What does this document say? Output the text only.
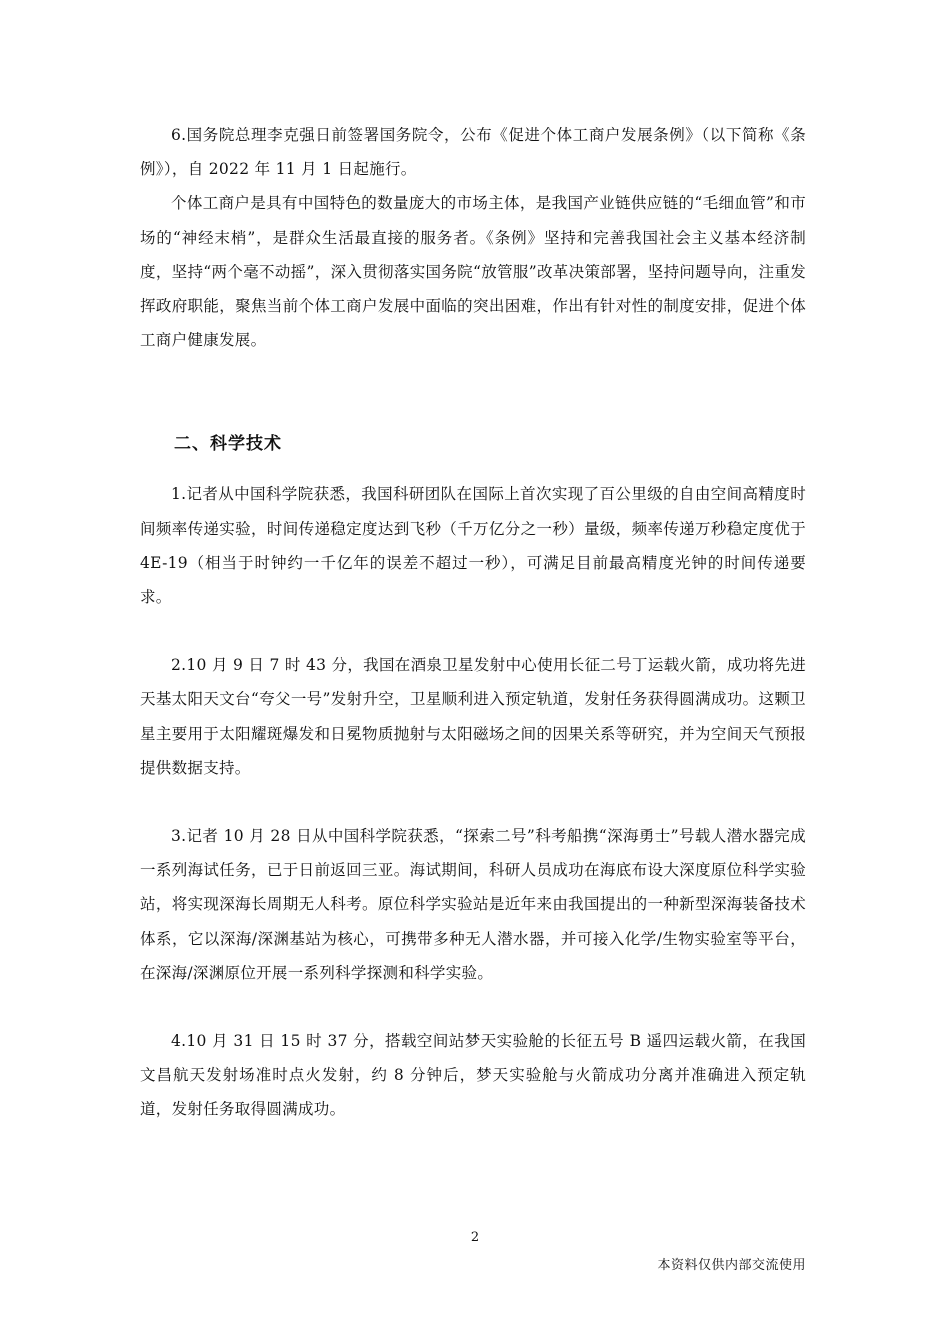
6.国务院总理李克强日前签署国务院令，公布《促进个体工商户发展条例》（以下简称《条例》），自 2022 年 11 月 1 日起施行。

个体工商户是具有中国特色的数量庞大的市场主体，是我国产业链供应链的“毛细血管”和市场的“神经末梢”，是群众生活最直接的服务者。《条例》坚持和完善我国社会主义基本经济制度，坚持“两个毫不动摇”，深入贯彻落实国务院“放管服”改革决策部署，坚持问题导向，注重发挥政府职能，聚焦当前个体工商户发展中面临的突出困难，作出有针对性的制度安排，促进个体工商户健康发展。

二、科学技术

1.记者从中国科学院获悉，我国科研团队在国际上首次实现了百公里级的自由空间高精度时间频率传递实验，时间传递稳定度达到飞秒（千万亿分之一秒）量级，频率传递万秒稳定度优于 4E-19（相当于时钟约一千亿年的误差不超过一秒），可满足目前最高精度光钟的时间传递要求。

2.10 月 9 日 7 时 43 分，我国在酒泉卫星发射中心使用长征二号丁运载火箭，成功将先进天基太阳天文台“夸父一号”发射升空，卫星顺利进入预定轨道，发射任务获得圆满成功。这颗卫星主要用于太阳耀斑爆发和日冕物质抛射与太阳磁场之间的因果关系等研究，并为空间天气预报提供数据支持。

3.记者 10 月 28 日从中国科学院获悉，“探索二号”科考船携“深海勇士”号载人潜水器完成一系列海试任务，已于日前返回三亚。海试期间，科研人员成功在海底布设大深度原位科学实验站，将实现深海长周期无人科考。原位科学实验站是近年来由我国提出的一种新型深海装备技术体系，它以深海/深渊基站为核心，可携带多种无人潜水器，并可接入化学/生物实验室等平台，在深海/深渊原位开展一系列科学探测和科学实验。

4.10 月 31 日 15 时 37 分，搭载空间站梦天实验舱的长征五号 B 遥四运载火箭，在我国文昌航天发射场准时点火发射，约 8 分钟后，梦天实验舱与火箭成功分离并准确进入预定轨道，发射任务取得圆满成功。

2
本资料仅供内部交流使用
